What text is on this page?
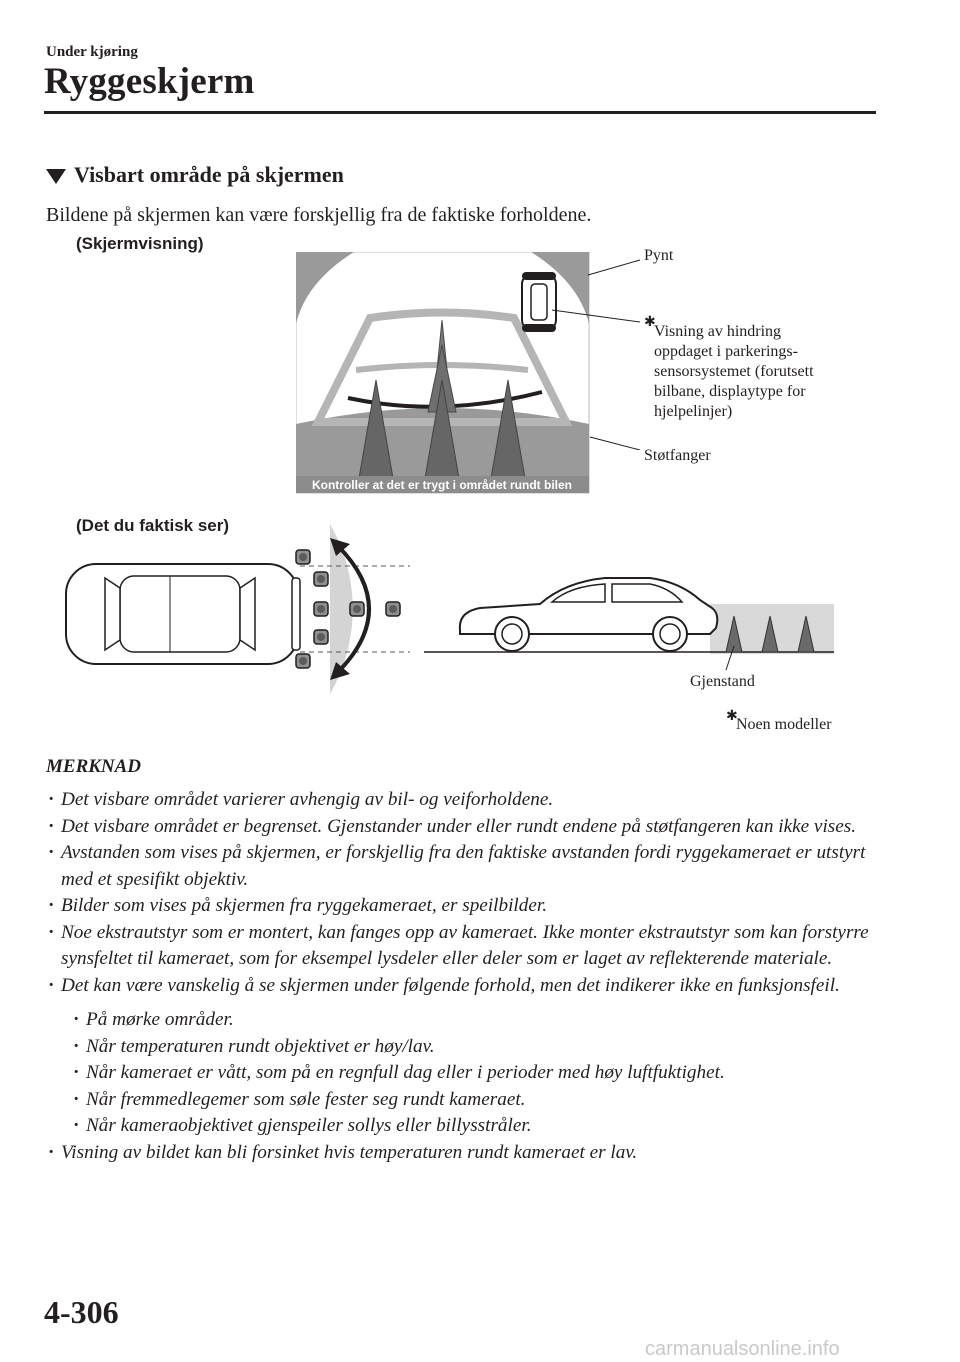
Under kjøring
Ryggeskjerm
Visbart område på skjermen
Bildene på skjermen kan være forskjellig fra de faktiske forholdene.
(Skjermvisning)
Kontroller at det er trygt i området rundt bilen
Pynt
✱
Visning av hindring
oppdaget i parkerings-
sensorsystemet (forutsett
bilbane, displaytype for
hjelpelinjer)
Støtfanger
(Det du faktisk ser)
Gjenstand
✱
Noen modeller
MERKNAD
· Det visbare området varierer avhengig av bil- og veiforholdene.
· Det visbare området er begrenset. Gjenstander under eller rundt endene på støtfangeren kan ikke vises.
· Avstanden som vises på skjermen, er forskjellig fra den faktiske avstanden fordi ryggekameraet er utstyrt med et spesifikt objektiv.
· Bilder som vises på skjermen fra ryggekameraet, er speilbilder.
· Noe ekstrautstyr som er montert, kan fanges opp av kameraet. Ikke monter ekstrautstyr som kan forstyrre synsfeltet til kameraet, som for eksempel lysdeler eller deler som er laget av reflekterende materiale.
· Det kan være vanskelig å se skjermen under følgende forhold, men det indikerer ikke en funksjonsfeil.
· På mørke områder.
· Når temperaturen rundt objektivet er høy/lav.
· Når kameraet er vått, som på en regnfull dag eller i perioder med høy luftfuktighet.
· Når fremmedlegemer som søle fester seg rundt kameraet.
· Når kameraobjektivet gjenspeiler sollys eller billysstråler.
· Visning av bildet kan bli forsinket hvis temperaturen rundt kameraet er lav.
4-306
carmanualsonline.info
